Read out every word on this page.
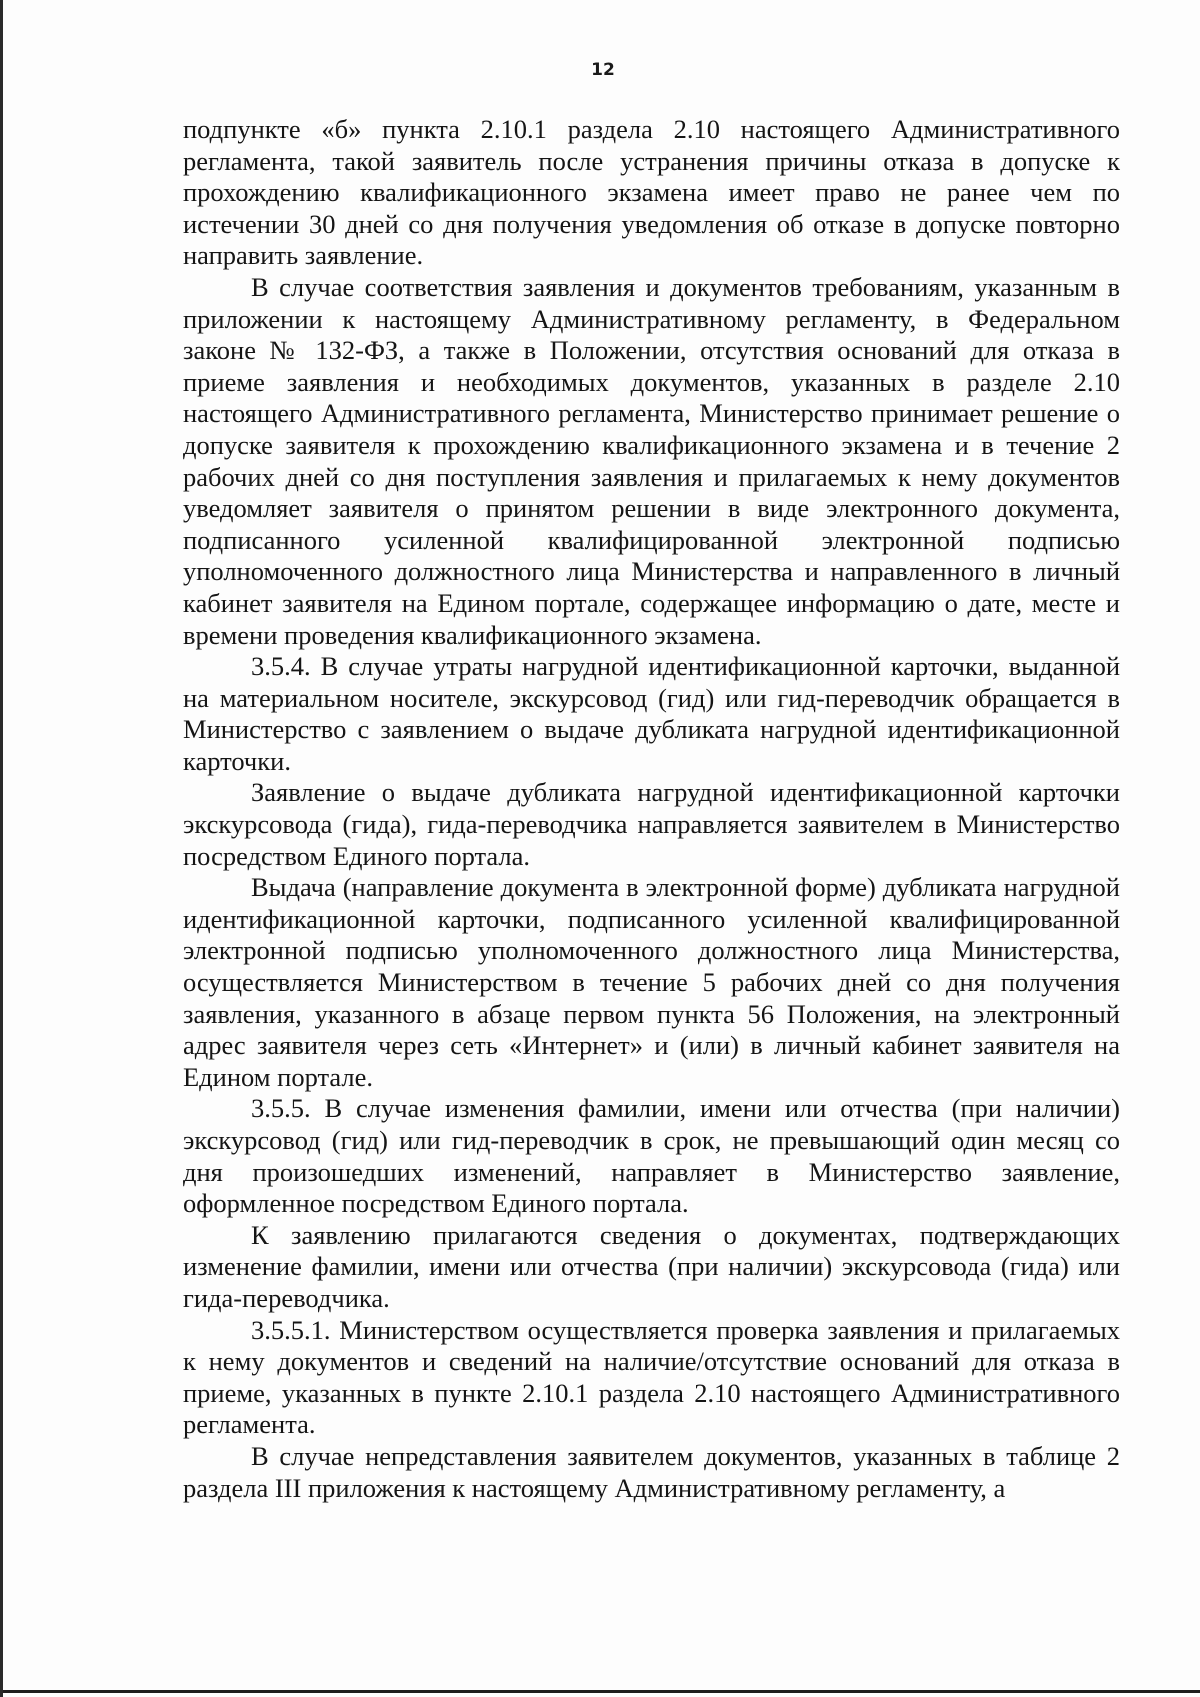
12

подпункте «б» пункта 2.10.1 раздела 2.10 настоящего Административного регламента, такой заявитель после устранения причины отказа в допуске к прохождению квалификационного экзамена имеет право не ранее чем по истечении 30 дней со дня получения уведомления об отказе в допуске повторно направить заявление.

В случае соответствия заявления и документов требованиям, указанным в приложении к настоящему Административному регламенту, в Федеральном законе № 132-ФЗ, а также в Положении, отсутствия оснований для отказа в приеме заявления и необходимых документов, указанных в разделе 2.10 настоящего Административного регламента, Министерство принимает решение о допуске заявителя к прохождению квалификационного экзамена и в течение 2 рабочих дней со дня поступления заявления и прилагаемых к нему документов уведомляет заявителя о принятом решении в виде электронного документа, подписанного усиленной квалифицированной электронной подписью уполномоченного должностного лица Министерства и направленного в личный кабинет заявителя на Едином портале, содержащее информацию о дате, месте и времени проведения квалификационного экзамена.

3.5.4. В случае утраты нагрудной идентификационной карточки, выданной на материальном носителе, экскурсовод (гид) или гид-переводчик обращается в Министерство с заявлением о выдаче дубликата нагрудной идентификационной карточки.

Заявление о выдаче дубликата нагрудной идентификационной карточки экскурсовода (гида), гида-переводчика направляется заявителем в Министерство посредством Единого портала.

Выдача (направление документа в электронной форме) дубликата нагрудной идентификационной карточки, подписанного усиленной квалифицированной электронной подписью уполномоченного должностного лица Министерства, осуществляется Министерством в течение 5 рабочих дней со дня получения заявления, указанного в абзаце первом пункта 56 Положения, на электронный адрес заявителя через сеть «Интернет» и (или) в личный кабинет заявителя на Едином портале.

3.5.5. В случае изменения фамилии, имени или отчества (при наличии) экскурсовод (гид) или гид-переводчик в срок, не превышающий один месяц со дня произошедших изменений, направляет в Министерство заявление, оформленное посредством Единого портала.

К заявлению прилагаются сведения о документах, подтверждающих изменение фамилии, имени или отчества (при наличии) экскурсовода (гида) или гида-переводчика.

3.5.5.1. Министерством осуществляется проверка заявления и прилагаемых к нему документов и сведений на наличие/отсутствие оснований для отказа в приеме, указанных в пункте 2.10.1 раздела 2.10 настоящего Административного регламента.

В случае непредставления заявителем документов, указанных в таблице 2 раздела III приложения к настоящему Административному регламенту, а
